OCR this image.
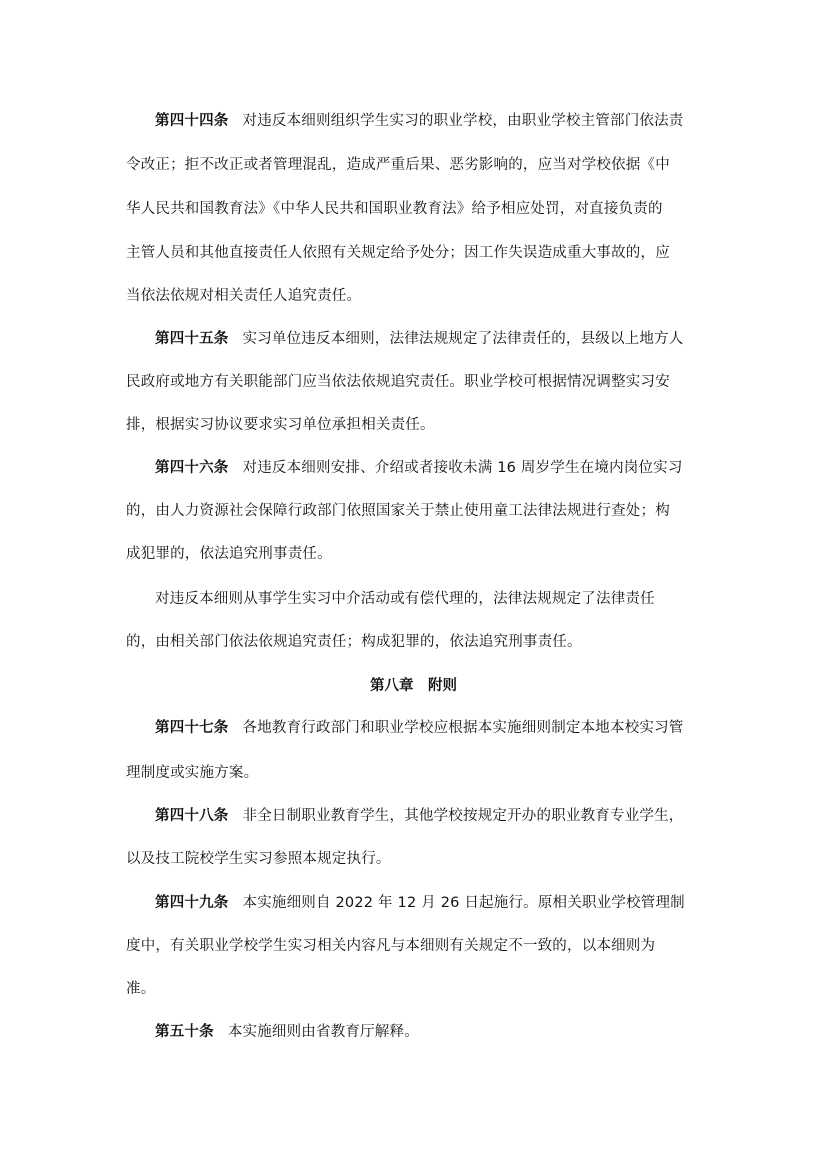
第四十四条 对违反本细则组织学生实习的职业学校，由职业学校主管部门依法责
令改正；拒不改正或者管理混乱，造成严重后果、恶劣影响的，应当对学校依据《中
华人民共和国教育法》《中华人民共和国职业教育法》给予相应处罚，对直接负责的
主管人员和其他直接责任人依照有关规定给予处分；因工作失误造成重大事故的，应
当依法依规对相关责任人追究责任。
第四十五条 实习单位违反本细则，法律法规规定了法律责任的，县级以上地方人
民政府或地方有关职能部门应当依法依规追究责任。职业学校可根据情况调整实习安
排，根据实习协议要求实习单位承担相关责任。
第四十六条 对违反本细则安排、介绍或者接收未满 16 周岁学生在境内岗位实习
的，由人力资源社会保障行政部门依照国家关于禁止使用童工法律法规进行查处；构
成犯罪的，依法追究刑事责任。
对违反本细则从事学生实习中介活动或有偿代理的，法律法规规定了法律责任
的，由相关部门依法依规追究责任；构成犯罪的，依法追究刑事责任。
第八章　附则
第四十七条 各地教育行政部门和职业学校应根据本实施细则制定本地本校实习管
理制度或实施方案。
第四十八条 非全日制职业教育学生，其他学校按规定开办的职业教育专业学生，
以及技工院校学生实习参照本规定执行。
第四十九条 本实施细则自 2022 年 12 月 26 日起施行。原相关职业学校管理制
度中，有关职业学校学生实习相关内容凡与本细则有关规定不一致的，以本细则为
准。
第五十条 本实施细则由省教育厅解释。
